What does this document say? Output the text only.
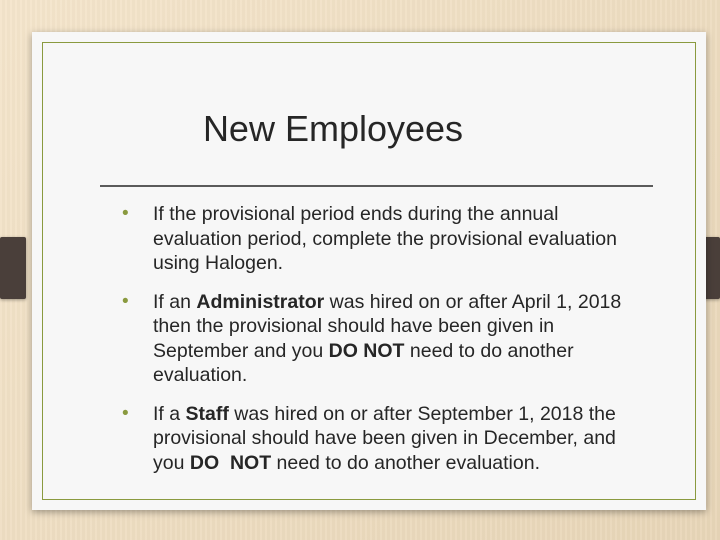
New Employees
• If the provisional period ends during the annual evaluation period, complete the provisional evaluation using Halogen.
• If an Administrator was hired on or after April 1, 2018 then the provisional should have been given in September and you DO NOT need to do another evaluation.
• If a Staff was hired on or after September 1, 2018 the provisional should have been given in December, and you DO  NOT need to do another evaluation.
